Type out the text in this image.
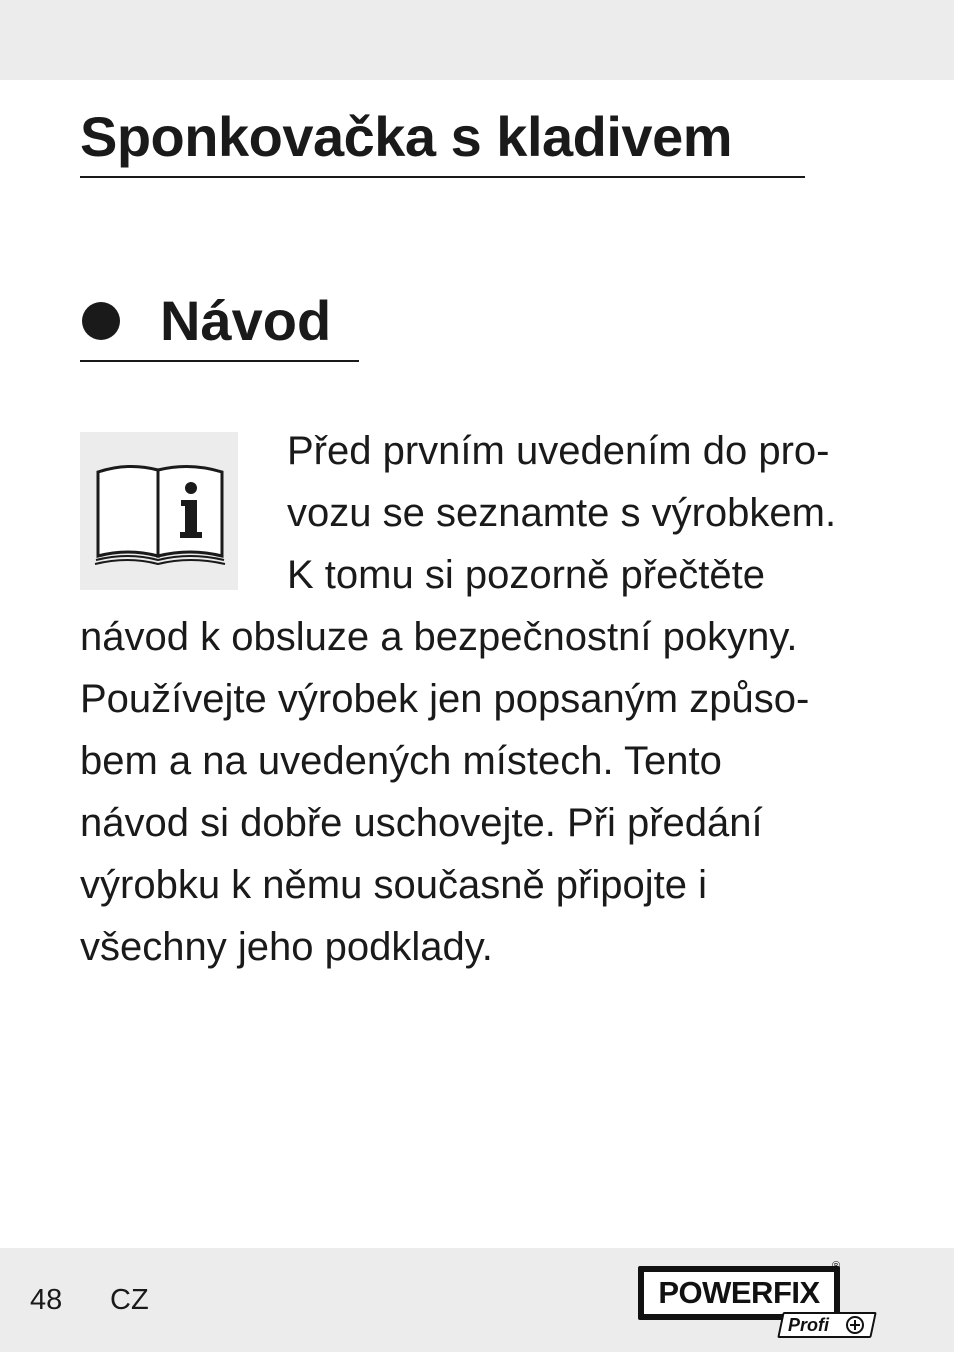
Sponkovačka s kladivem
Návod

Před prvním uvedením do pro-
vozu se seznamte s výrobkem.
K tomu si pozorně přečtěte
návod k obsluze a bezpečnostní pokyny.
Používejte výrobek jen popsaným způso-
bem a na uvedených místech. Tento
návod si dobře uschovejte. Při předání
výrobku k němu současně připojte i
všechny jeho podklady.

48 CZ	POWERFIX
®
Profi
